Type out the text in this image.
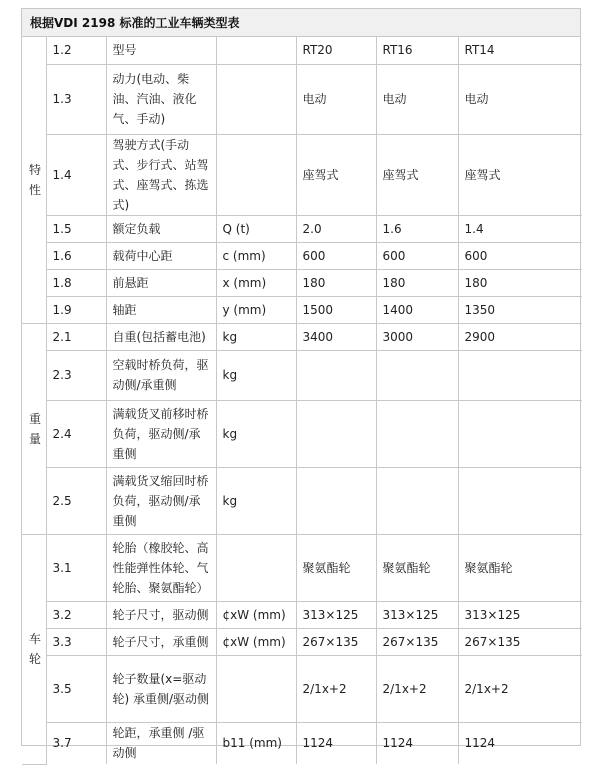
根据VDI 2198 标准的工业车辆类型表
特性	1.2	型号		RT20	RT16	RT14
	1.3	动力(电动、柴油、汽油、液化气、手动)		电动	电动	电动
	1.4	驾驶方式(手动式、步行式、站驾式、座驾式、拣选式)		座驾式	座驾式	座驾式
	1.5	额定负载	Q (t)	2.0	1.6	1.4
	1.6	载荷中心距	c (mm)	600	600	600
	1.8	前悬距	x (mm)	180	180	180
	1.9	轴距	y (mm)	1500	1400	1350

重量	2.1	自重(包括蓄电池)	kg	3400	3000	2900
	2.3	空载时桥负荷，驱动侧/承重侧	kg			
	2.4	满载货叉前移时桥负荷，驱动侧/承重侧	kg			
	2.5	满载货叉缩回时桥负荷，驱动侧/承重侧	kg			

车轮	3.1	轮胎（橡胶轮、高性能弹性体轮、气轮胎、聚氨酯轮）		聚氨酯轮	聚氨酯轮	聚氨酯轮
	3.2	轮子尺寸，驱动侧	¢xW (mm)	313×125	313×125	313×125
	3.3	轮子尺寸，承重侧	¢xW (mm)	267×135	267×135	267×135
	3.5	轮子数量(x=驱动轮) 承重侧/驱动侧		2/1x+2	2/1x+2	2/1x+2
	3.7	轮距，承重侧 /驱动侧	b11 (mm)	1124	1124	1124
